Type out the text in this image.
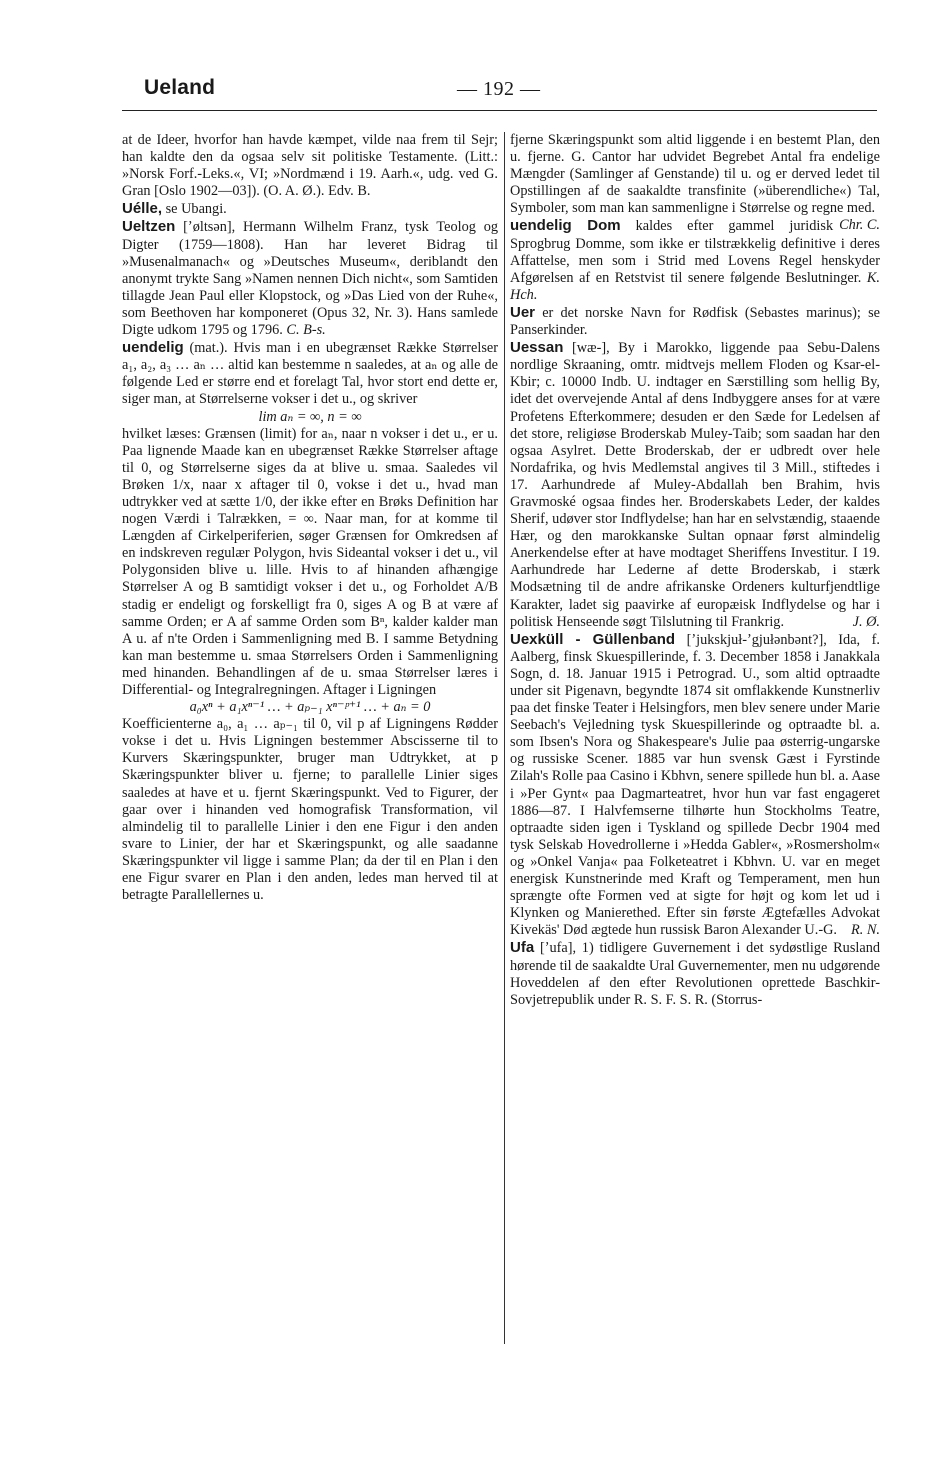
Ueland	— 192 —

at de Ideer, hvorfor han havde kæmpet, vilde naa frem til Sejr; han kaldte den da ogsaa selv sit politiske Testamente. (Litt.: »Norsk Forf.-Leks.«, VI; »Nordmænd i 19. Aarh.«, udg. ved G. Gran [Oslo 1902—03]). (O. A. Ø.). Edv. B.

Uélle, se Ubangi.

Ueltzen [ʼøltsən], Hermann Wilhelm Franz, tysk Teolog og Digter (1759—1808). Han har leveret Bidrag til »Musenalmanach« og »Deutsches Museum«, deriblandt den anonymt trykte Sang »Namen nennen Dich nicht«, som Samtiden tillagde Jean Paul eller Klopstock, og »Das Lied von der Ruhe«, som Beethoven har komponeret (Opus 32, Nr. 3). Hans samlede Digte udkom 1795 og 1796. C. B-s.

uendelig (mat.). Hvis man i en ubegrænset Række Størrelser a₁, a₂, a₃ … aₙ … altid kan bestemme n saaledes, at aₙ og alle de følgende Led er større end et forelagt Tal, hvor stort end dette er, siger man, at Størrelserne vokser i det u., og skriver

lim aₙ = ∞, n = ∞

hvilket læses: Grænsen (limit) for aₙ, naar n vokser i det u., er u. Paa lignende Maade kan en ubegrænset Række Størrelser aftage til 0, og Størrelserne siges da at blive u. smaa. Saaledes vil Brøken 1/x, naar x aftager til 0, vokse i det u., hvad man udtrykker ved at sætte 1/0, der ikke efter en Brøks Definition har nogen Værdi i Talrækken, = ∞. Naar man, for at komme til Længden af Cirkelperiferien, søger Grænsen for Omkredsen af en indskreven regulær Polygon, hvis Sideantal vokser i det u., vil Polygonsiden blive u. lille. Hvis to af hinanden afhængige Størrelser A og B samtidigt vokser i det u., og Forholdet A/B stadig er endeligt og forskelligt fra 0, siges A og B at være af samme Orden; er A af samme Orden som Bⁿ, kalder kalder man A u. af n'te Orden i Sammenligning med B. I samme Betydning kan man bestemme u. smaa Størrelsers Orden i Sammenligning med hinanden. Behandlingen af de u. smaa Størrelser læres i Differential- og Integralregningen. Aftager i Ligningen

a₀xⁿ + a₁xⁿ⁻¹ … + aₚ₋₁ xⁿ⁻ᵖ⁺¹ … + aₙ = 0

Koefficienterne a₀, a₁ … aₚ₋₁ til 0, vil p af Ligningens Rødder vokse i det u. Hvis Ligningen bestemmer Abscisserne til to Kurvers Skæringspunkter, bruger man Udtrykket, at p Skæringspunkter bliver u. fjerne; to parallelle Linier siges saaledes at have et u. fjernt Skæringspunkt. Ved to Figurer, der gaar over i hinanden ved homografisk Transformation, vil almindelig til to parallelle Linier i den ene Figur i den anden svare to Linier, der har et Skæringspunkt, og alle saadanne Skæringspunkter vil ligge i samme Plan; da der til en Plan i den ene Figur svarer en Plan i den anden, ledes man herved til at betragte Parallellernes u.

fjerne Skæringspunkt som altid liggende i en bestemt Plan, den u. fjerne. G. Cantor har udvidet Begrebet Antal fra endelige Mængder (Samlinger af Genstande) til u. og er derved ledet til Opstillingen af de saakaldte transfinite (»überendliche«) Tal, Symboler, som man kan sammenligne i Størrelse og regne med.
Chr. C.

uendelig Dom kaldes efter gammel juridisk Sprogbrug Domme, som ikke er tilstrækkelig definitive i deres Affattelse, men som i Strid med Lovens Regel henskyder Afgørelsen af en Retstvist til senere følgende Beslutninger. K. Hch.

Uer er det norske Navn for Rødfisk (Sebastes marinus); se Panserkinder.

Uessan [wæ-], By i Marokko, liggende paa Sebu-Dalens nordlige Skraaning, omtr. midtvejs mellem Floden og Ksar-el-Kbir; c. 10000 Indb. U. indtager en Særstilling som hellig By, idet det overvejende Antal af dens Indbyggere anses for at være Profetens Efterkommere; desuden er den Sæde for Ledelsen af det store, religiøse Broderskab Muley-Taib; som saadan har den ogsaa Asylret. Dette Broderskab, der er udbredt over hele Nordafrika, og hvis Medlemstal angives til 3 Mill., stiftedes i 17. Aarhundrede af Muley-Abdallah ben Brahim, hvis Gravmoské ogsaa findes her. Broderskabets Leder, der kaldes Sherif, udøver stor Indflydelse; han har en selvstændig, staaende Hær, og den marokkanske Sultan opnaar først almindelig Anerkendelse efter at have modtaget Sheriffens Investitur. I 19. Aarhundrede har Lederne af dette Broderskab, i stærk Modsætning til de andre afrikanske Ordeners kulturfjendtlige Karakter, ladet sig paavirke af europæisk Indflydelse og har i politisk Henseende søgt Tilslutning til Frankrig.	J. Ø.

Uexküll - Güllenband [ʼjukskjuł-ʼgjułənbənt?], Ida, f. Aalberg, finsk Skuespillerinde, f. 3. December 1858 i Janakkala Sogn, d. 18. Januar 1915 i Petrograd. U., som altid optraadte under sit Pigenavn, begyndte 1874 sit omflakkende Kunstnerliv paa det finske Teater i Helsingfors, men blev senere under Marie Seebach's Vejledning tysk Skuespillerinde og optraadte bl. a. som Ibsen's Nora og Shakespeare's Julie paa østerrig-ungarske og russiske Scener. 1885 var hun svensk Gæst i Fyrstinde Zilah's Rolle paa Casino i Kbhvn, senere spillede hun bl. a. Aase i »Per Gynt« paa Dagmarteatret, hvor hun var fast engageret 1886—87. I Halvfemserne tilhørte hun Stockholms Teatre, optraadte siden igen i Tyskland og spillede Decbr 1904 med tysk Selskab Hovedrollerne i »Hedda Gabler«, »Rosmersholm« og »Onkel Vanja« paa Folketeatret i Kbhvn. U. var en meget energisk Kunstnerinde med Kraft og Temperament, men hun sprængte ofte Formen ved at sigte for højt og kom let ud i Klynken og Manierethed. Efter sin første Ægtefælles Advokat Kivekäs' Død ægtede hun russisk Baron Alexander U.-G. R. N.

Ufa [ʼufa], 1) tidligere Guvernement i det sydøstlige Rusland hørende til de saakaldte Ural Guvernementer, men nu udgørende Hoveddelen af den efter Revolutionen oprettede Baschkir-Sovjetrepublik under R. S. F. S. R. (Storrus-
